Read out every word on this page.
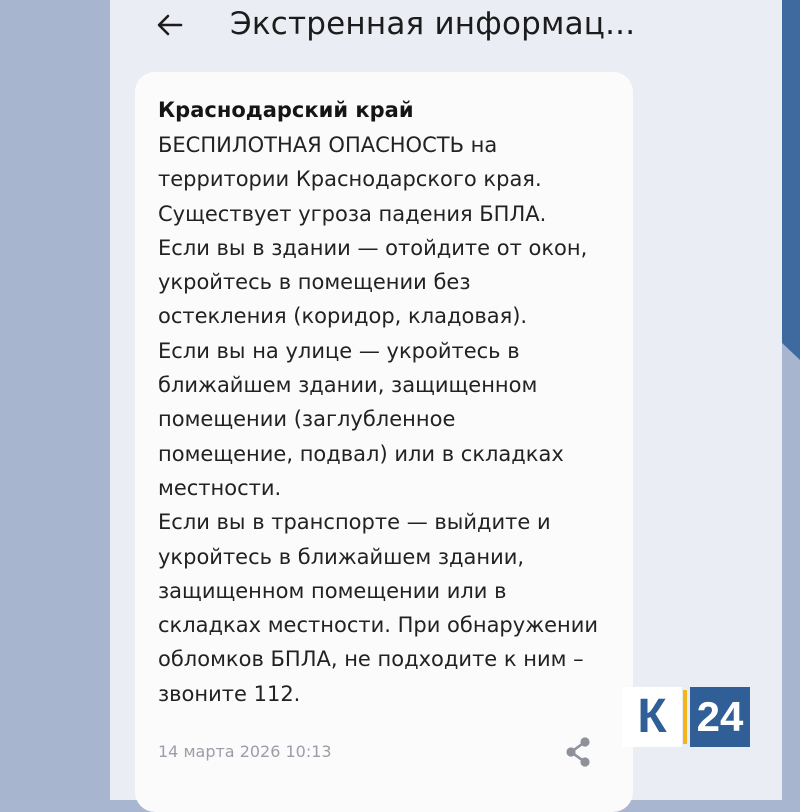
Экстренная информац...
Краснодарский край
БЕСПИЛОТНАЯ ОПАСНОСТЬ на
территории Краснодарского края.
Существует угроза падения БПЛА.
Если вы в здании — отойдите от окон,
укройтесь в помещении без
остекления (коридор, кладовая).
Если вы на улице — укройтесь в
ближайшем здании, защищенном
помещении (заглубленное
помещение, подвал) или в складках
местности.
Если вы в транспорте — выйдите и
укройтесь в ближайшем здании,
защищенном помещении или в
складках местности. При обнаружении
обломков БПЛА, не подходите к ним –
звоните 112.
14 марта 2026 10:13
К 24
